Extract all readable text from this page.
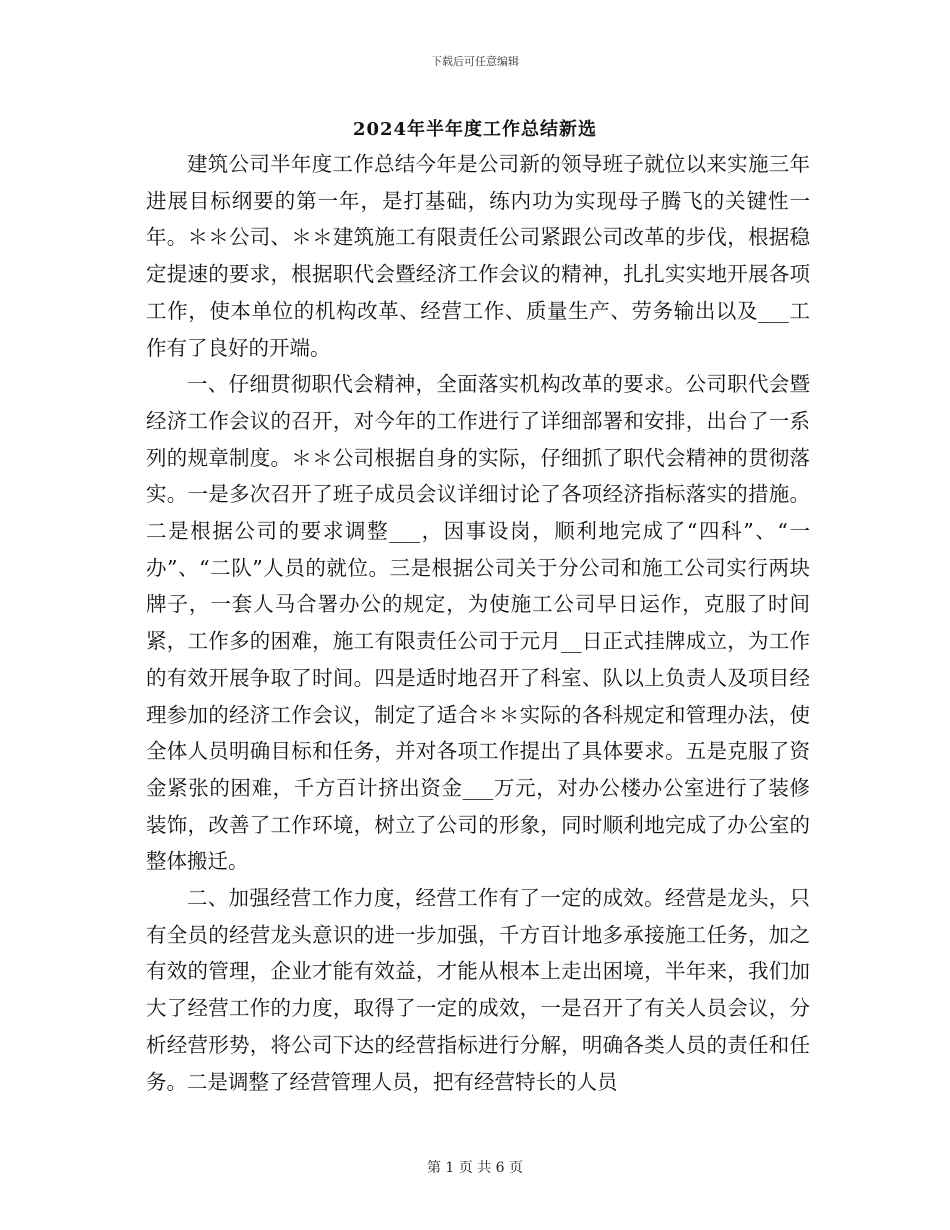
下载后可任意编辑
2024年半年度工作总结新选

建筑公司半年度工作总结今年是公司新的领导班子就位以来实施三年进展目标纲要的第一年，是打基础，练内功为实现母子腾飞的关键性一年。＊＊公司、＊＊建筑施工有限责任公司紧跟公司改革的步伐，根据稳定提速的要求，根据职代会暨经济工作会议的精神，扎扎实实地开展各项工作，使本单位的机构改革、经营工作、质量生产、劳务输出以及___工作有了良好的开端。

一、仔细贯彻职代会精神，全面落实机构改革的要求。公司职代会暨经济工作会议的召开，对今年的工作进行了详细部署和安排，出台了一系列的规章制度。＊＊公司根据自身的实际，仔细抓了职代会精神的贯彻落实。一是多次召开了班子成员会议详细讨论了各项经济指标落实的措施。二是根据公司的要求调整___，因事设岗，顺利地完成了“四科”、“一办”、“二队”人员的就位。三是根据公司关于分公司和施工公司实行两块牌子，一套人马合署办公的规定，为使施工公司早日运作，克服了时间紧，工作多的困难，施工有限责任公司于元月__日正式挂牌成立，为工作的有效开展争取了时间。四是适时地召开了科室、队以上负责人及项目经理参加的经济工作会议，制定了适合＊＊实际的各科规定和管理办法，使全体人员明确目标和任务，并对各项工作提出了具体要求。五是克服了资金紧张的困难，千方百计挤出资金___万元，对办公楼办公室进行了装修装饰，改善了工作环境，树立了公司的形象，同时顺利地完成了办公室的整体搬迁。

二、加强经营工作力度，经营工作有了一定的成效。经营是龙头，只有全员的经营龙头意识的进一步加强，千方百计地多承接施工任务，加之有效的管理，企业才能有效益，才能从根本上走出困境，半年来，我们加大了经营工作的力度，取得了一定的成效，一是召开了有关人员会议，分析经营形势，将公司下达的经营指标进行分解，明确各类人员的责任和任务。二是调整了经营管理人员，把有经营特长的人员

第 1 页 共 6 页
